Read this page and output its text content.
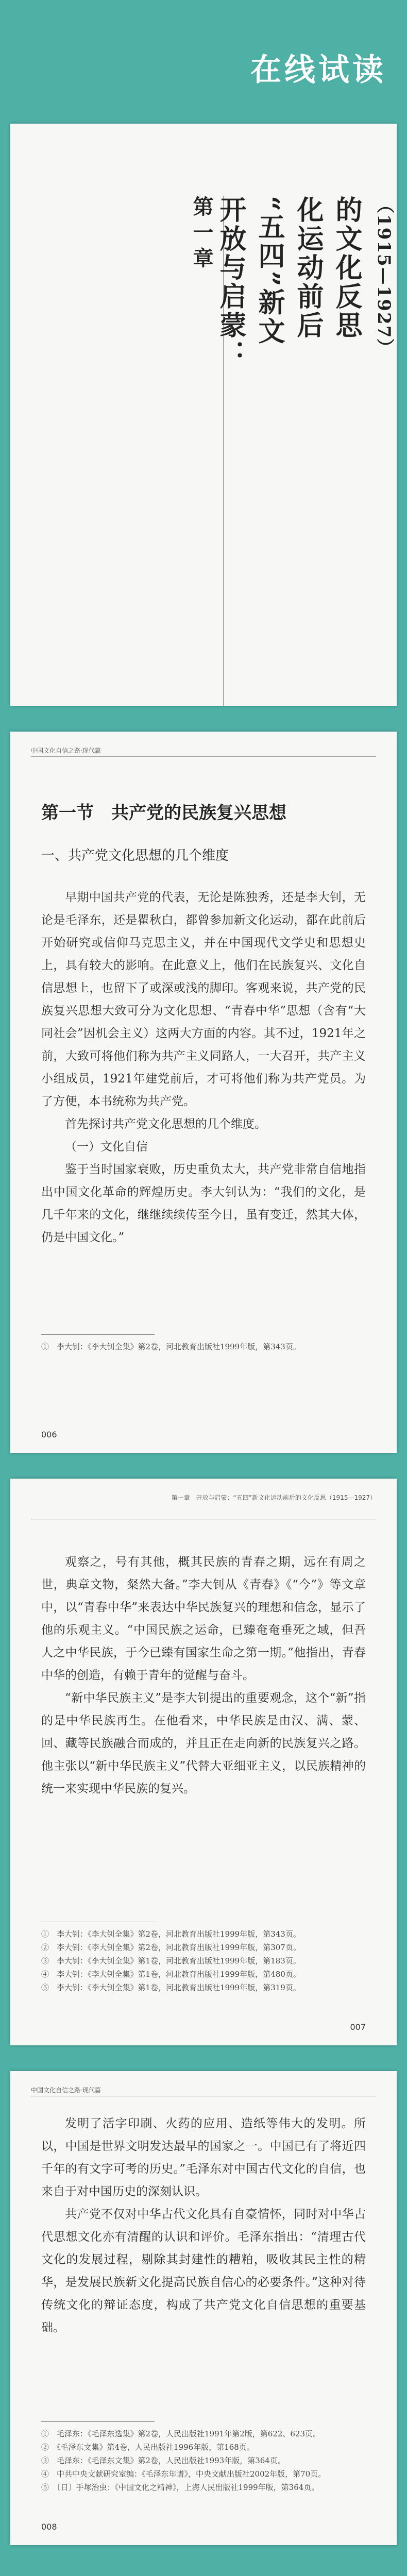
在线试读
第一章 开放与启蒙： “五四”新文 化运动前后 的文化反思 （1915—1927）
中国文化自信之路·现代篇
第一节　共产党的民族复兴思想
一、共产党文化思想的几个维度

早期中国共产党的代表，无论是陈独秀，还是李大钊，无论是毛泽东，还是瞿秋白，都曾参加新文化运动，都在此前后开始研究或信仰马克思主义，并在中国现代文学史和思想史上，具有较大的影响。在此意义上，他们在民族复兴、文化自信思想上，也留下了或深或浅的脚印。客观来说，共产党的民族复兴思想大致可分为文化思想、“青春中华”思想（含有“大同社会”因机会主义）这两大方面的内容。其不过，1921年之前，大致可将他们称为共产主义同路人，一大召开，共产主义小组成员，1921年建党前后，才可将他们称为共产党员。为了方便，本书统称为共产党。

首先探讨共产党文化思想的几个维度。

（一）文化自信

鉴于当时国家衰败，历史重负太大，共产党非常自信地指出中国文化革命的辉煌历史。李大钊认为：“我们的文化，是几千年来的文化，继继续续传至今日，虽有变迁，然其大体，仍是中国文化。”

①　李大钊：《李大钊全集》第2卷，河北教育出版社1999年版，第343页。
006
第一章　开放与启蒙：“五四”新文化运动前后的文化反思（1915—1927）

观察之，号有其他，概其民族的青春之期，远在有周之世，典章文物，粲然大备。”李大钊从《青春》《“今”》等文章中，以“青春中华”来表达中华民族复兴的理想和信念，显示了他的乐观主义。“中国民族之运命，已臻奄奄垂死之域，但吾人之中华民族，于今已臻有国家生命之第一期。”他指出，青春中华的创造，有赖于青年的觉醒与奋斗。

“新中华民族主义”是李大钊提出的重要观念，这个“新”指的是中华民族再生。在他看来，中华民族是由汉、满、蒙、回、藏等民族融合而成的，并且正在走向新的民族复兴之路。他主张以“新中华民族主义”代替大亚细亚主义，以民族精神的统一来实现中华民族的复兴。

①　李大钊：《李大钊全集》第2卷，河北教育出版社1999年版，第343页。
②　李大钊：《李大钊全集》第2卷，河北教育出版社1999年版，第307页。
③　李大钊：《李大钊全集》第1卷，河北教育出版社1999年版，第183页。
④　李大钊：《李大钊全集》第1卷，河北教育出版社1999年版，第480页。
⑤　李大钊：《李大钊全集》第1卷，河北教育出版社1999年版，第319页。
007
中国文化自信之路·现代篇

发明了活字印刷、火药的应用、造纸等伟大的发明。所以，中国是世界文明发达最早的国家之一。中国已有了将近四千年的有文字可考的历史。”毛泽东对中国古代文化的自信，也来自于对中国历史的深刻认识。

共产党不仅对中华古代文化具有自豪情怀，同时对中华古代思想文化亦有清醒的认识和评价。毛泽东指出：“清理古代文化的发展过程，剔除其封建性的糟粕，吸收其民主性的精华，是发展民族新文化提高民族自信心的必要条件。”这种对待传统文化的辩证态度，构成了共产党文化自信思想的重要基础。

①　毛泽东：《毛泽东选集》第2卷，人民出版社1991年第2版，第622、623页。
②　《毛泽东文集》第4卷，人民出版社1996年版，第168页。
③　毛泽东：《毛泽东文集》第2卷，人民出版社1993年版，第364页。
④　中共中央文献研究室编：《毛泽东年谱》，中央文献出版社2002年版，第70页。
⑤　〔日〕手塚治虫：《中国文化之精神》，上海人民出版社1999年版，第364页。
008
